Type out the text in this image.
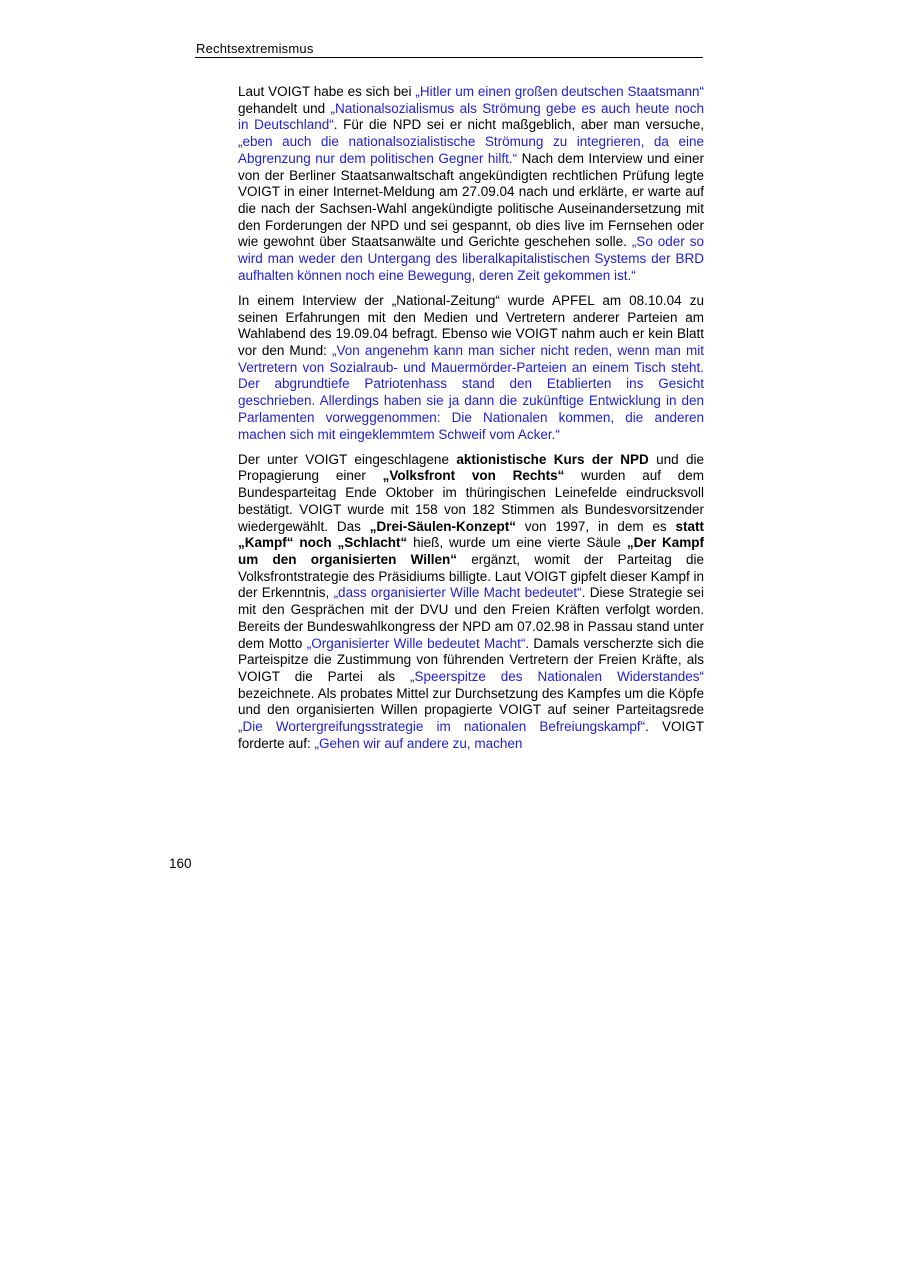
Rechtsextremismus

Laut VOIGT habe es sich bei „Hitler um einen großen deutschen Staatsmann“ gehandelt und „Nationalsozialismus als Strömung gebe es auch heute noch in Deutschland“. Für die NPD sei er nicht maßgeblich, aber man versuche, „eben auch die nationalsozialistische Strömung zu integrieren, da eine Abgrenzung nur dem politischen Gegner hilft.“ Nach dem Interview und einer von der Berliner Staatsanwaltschaft angekündigten rechtlichen Prüfung legte VOIGT in einer Internet-Meldung am 27.09.04 nach und erklärte, er warte auf die nach der Sachsen-Wahl angekündigte politische Auseinandersetzung mit den Forderungen der NPD und sei gespannt, ob dies live im Fernsehen oder wie gewohnt über Staatsanwälte und Gerichte geschehen solle. „So oder so wird man weder den Untergang des liberalkapitalistischen Systems der BRD aufhalten können noch eine Bewegung, deren Zeit gekommen ist.“

In einem Interview der „National-Zeitung“ wurde APFEL am 08.10.04 zu seinen Erfahrungen mit den Medien und Vertretern anderer Parteien am Wahlabend des 19.09.04 befragt. Ebenso wie VOIGT nahm auch er kein Blatt vor den Mund: „Von angenehm kann man sicher nicht reden, wenn man mit Vertretern von Sozialraub- und Mauermörder-Parteien an einem Tisch steht. Der abgrundtiefe Patriotenhass stand den Etablierten ins Gesicht geschrieben. Allerdings haben sie ja dann die zukünftige Entwicklung in den Parlamenten vorweggenommen: Die Nationalen kommen, die anderen machen sich mit eingeklemmtem Schweif vom Acker.“

Der unter VOIGT eingeschlagene aktionistische Kurs der NPD und die Propagierung einer „Volksfront von Rechts“ wurden auf dem Bundesparteitag Ende Oktober im thüringischen Leinefelde eindrucksvoll bestätigt. VOIGT wurde mit 158 von 182 Stimmen als Bundesvorsitzender wiedergewählt. Das „Drei-Säulen-Konzept“ von 1997, in dem es statt „Kampf“ noch „Schlacht“ hieß, wurde um eine vierte Säule „Der Kampf um den organisierten Willen“ ergänzt, womit der Parteitag die Volksfrontstrategie des Präsidiums billigte. Laut VOIGT gipfelt dieser Kampf in der Erkenntnis, „dass organisierter Wille Macht bedeutet“. Diese Strategie sei mit den Gesprächen mit der DVU und den Freien Kräften verfolgt worden. Bereits der Bundeswahlkongress der NPD am 07.02.98 in Passau stand unter dem Motto „Organisierter Wille bedeutet Macht“. Damals verscherzte sich die Parteispitze die Zustimmung von führenden Vertretern der Freien Kräfte, als VOIGT die Partei als „Speerspitze des Nationalen Widerstandes“ bezeichnete. Als probates Mittel zur Durchsetzung des Kampfes um die Köpfe und den organisierten Willen propagierte VOIGT auf seiner Parteitagsrede „Die Wortergreifungsstrategie im nationalen Befreiungskampf“. VOIGT forderte auf: „Gehen wir auf andere zu, machen

160
